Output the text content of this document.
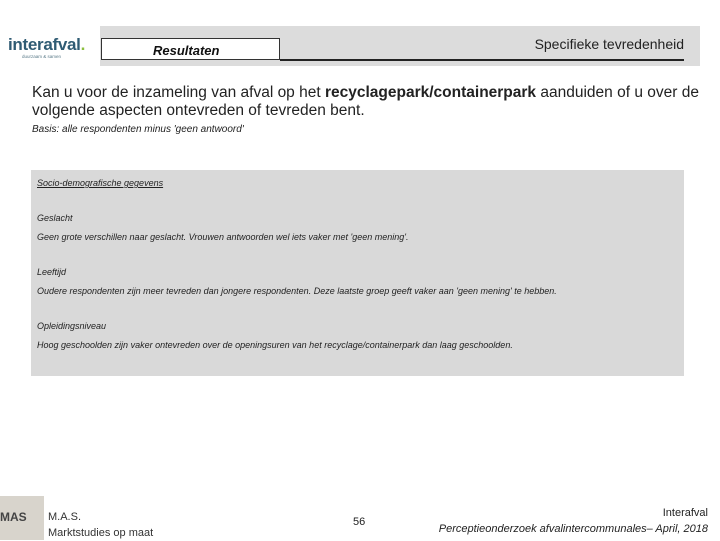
interafval.
duurzaam & samen	Resultaten	Specifieke tevredenheid
Kan u voor de inzameling van afval op het recyclagepark/containerpark aanduiden of u over de volgende aspecten ontevreden of tevreden bent.
Basis: alle respondenten minus 'geen antwoord'
Socio-demografische gegevens
Geslacht
Geen grote verschillen naar geslacht. Vrouwen antwoorden wel iets vaker met 'geen mening'.
Leeftijd
Oudere respondenten zijn meer tevreden dan jongere respondenten. Deze laatste groep geeft vaker aan 'geen mening' te hebben.
Opleidingsniveau
Hoog geschoolden zijn vaker ontevreden over de openingsuren van het recyclage/containerpark dan laag geschoolden.
MAS M.A.S.
Marktstudies op maat
56
Interafval
Perceptieonderzoek afvalintercommunales– April, 2018
